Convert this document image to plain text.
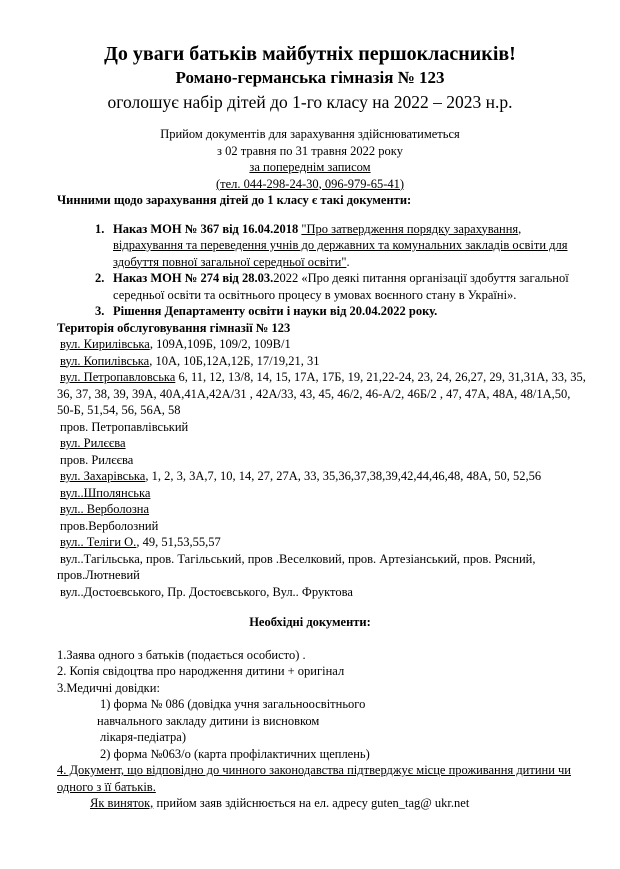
До уваги батьків майбутніх першокласників!
Романо-германська гімназія № 123
оголошує набір дітей до 1-го класу на 2022 – 2023 н.р.
Прийом документів для зарахування здійснюватиметься
з 02 травня по 31 травня 2022 року
за попереднім записом
(тел. 044-298-24-30, 096-979-65-41)
Чинними щодо зарахування дітей до 1 класу є такі документи:
1. Наказ МОН № 367 від 16.04.2018 "Про затвердження порядку зарахування, відрахування та переведення учнів до державних та комунальних закладів освіти для здобуття повної загальної середньої освіти".
2. Наказ МОН № 274 від 28.03.2022 «Про деякі питання організації здобуття загальної середньої освіти та освітнього процесу в умовах воєнного стану в Україні».
3. Рішення Департаменту освіти і науки від 20.04.2022 року.
Територія обслуговування гімназії № 123
вул. Кирилівська, 109А,109Б, 109/2, 109В/1
вул. Копилівська, 10А, 10Б,12А,12Б, 17/19,21, 31
вул. Петропавловська 6, 11, 12, 13/8, 14, 15, 17А, 17Б, 19, 21,22-24, 23, 24, 26,27, 29, 31,31А, 33, 35, 36, 37, 38, 39, 39А, 40А,41А,42А/31 , 42А/33, 43, 45, 46/2, 46-А/2, 46Б/2 , 47, 47А, 48А, 48/1А,50, 50-Б, 51,54, 56, 56А, 58
пров. Петропавлівський
вул. Рилєєва
пров. Рилєєва
вул. Захарівська, 1, 2, 3, 3А,7, 10, 14, 27, 27А, 33, 35,36,37,38,39,42,44,46,48, 48А, 50, 52,56
вул..Шполянська
вул.. Верболозна
пров.Верболозний
вул.. Теліги О., 49, 51,53,55,57
вул..Тагільська, пров. Тагільський, пров .Веселковий, пров. Артезіанський, пров. Рясний, пров.Лютневий
вул..Достоєвського, Пр. Достоєвського, Вул.. Фруктова
Необхідні документи:
1.Заява одного з батьків (подається особисто) .
2. Копія свідоцтва про народження дитини + оригінал
3.Медичні довідки:
1) форма № 086 (довідка учня загальноосвітнього
навчального закладу дитини із висновком
лікаря-педіатра)
2) форма №063/о (карта профілактичних щеплень)
4. Документ, що відповідно до чинного законодавства підтверджує місце проживання дитини чи одного з її батьків.
Як виняток, прийом заяв здійснюється на ел. адресу guten_tag@ ukr.net
